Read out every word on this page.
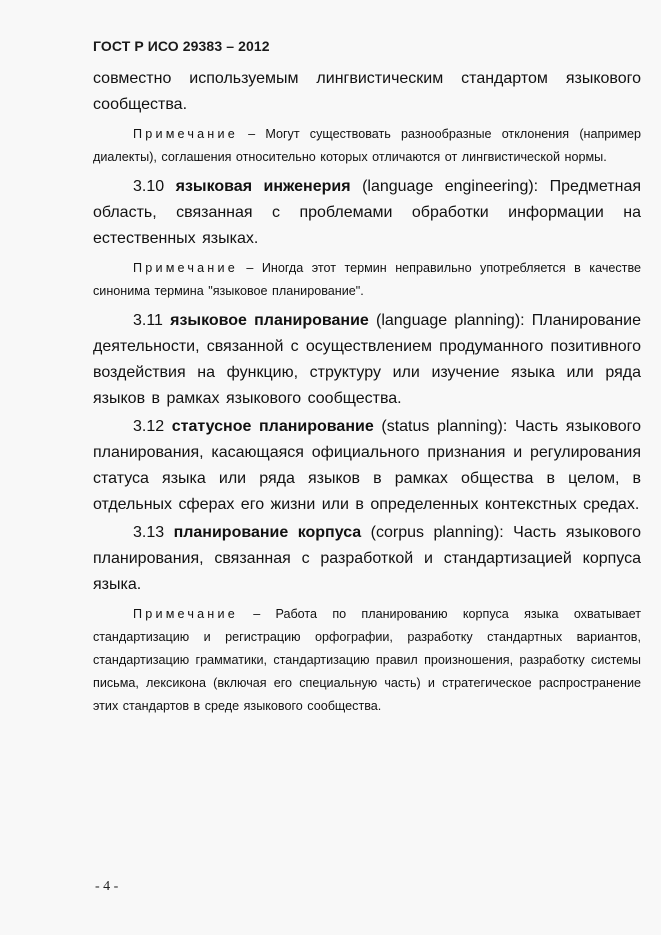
ГОСТ Р ИСО 29383 – 2012

совместно используемым лингвистическим стандартом языкового сообщества.

Примечание – Могут существовать разнообразные отклонения (например диалекты), соглашения относительно которых отличаются от лингвистической нормы.

3.10 языковая инженерия (language engineering): Предметная область, связанная с проблемами обработки информации на естественных языках.

Примечание – Иногда этот термин неправильно употребляется в качестве синонима термина "языковое планирование".

3.11 языковое планирование (language planning): Планирование деятельности, связанной с осуществлением продуманного позитивного воздействия на функцию, структуру или изучение языка или ряда языков в рамках языкового сообщества.

3.12 статусное планирование (status planning): Часть языкового планирования, касающаяся официального признания и регулирования статуса языка или ряда языков в рамках общества в целом, в отдельных сферах его жизни или в определенных контекстных средах.

3.13 планирование корпуса (corpus planning): Часть языкового планирования, связанная с разработкой и стандартизацией корпуса языка.

Примечание – Работа по планированию корпуса языка охватывает стандартизацию и регистрацию орфографии, разработку стандартных вариантов, стандартизацию грамматики, стандартизацию правил произношения, разработку системы письма, лексикона (включая его специальную часть) и стратегическое распространение этих стандартов в среде языкового сообщества.

- 4 -
